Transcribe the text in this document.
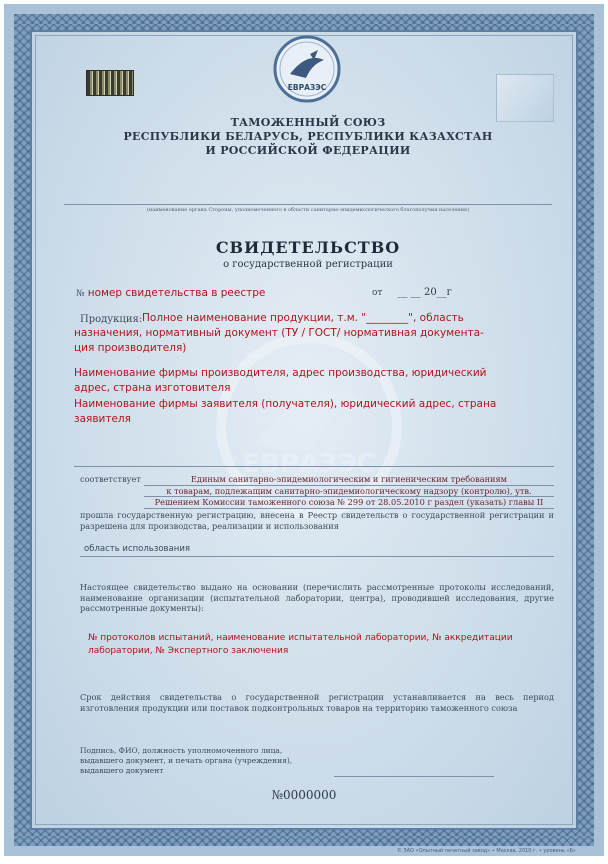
ЕВРАЗЭС
ЕВРАЗЭС
ТАМОЖЕННЫЙ СОЮЗ
РЕСПУБЛИКИ БЕЛАРУСЬ, РЕСПУБЛИКИ КАЗАХСТАН
И РОССИЙСКОЙ ФЕДЕРАЦИИ
(наименование органа Стороны, уполномоченного в области санитарно-эпидемиологического благополучия населения)
СВИДЕТЕЛЬСТВО
о государственной регистрации
№ номер свидетельства в реестре	от __ __ 20__г
Продукция: Полное наименование продукции, т.м. "________", область
назначения, нормативный документ (ТУ / ГОСТ/ нормативная документа-
ция производителя)
Наименование фирмы производителя, адрес производства, юридический
адрес, страна изготовителя
Наименование фирмы заявителя (получателя), юридический адрес, страна
заявителя
соответствует	Единым санитарно-эпидемиологическим и гигиеническим требованиям
к товарам, подлежащим санитарно-эпидемиологическому надзору (контролю), утв.
Решением Комиссии таможенного союза № 299 от 28.05.2010 г раздел (указать) главы II
прошла государственную регистрацию, внесена в Реестр свидетельств о государственной регистрации и разрешена для производства, реализации и использования
область использования
Настоящее свидетельство выдано на основании (перечислить рассмотренные протоколы исследований, наименование организации (испытательной лаборатории, центра), проводившей исследования, другие рассмотренные документы):
№ протоколов испытаний, наименование испытательной лаборатории, № аккредитации
лаборатории, № Экспертного заключения
Срок действия свидетельства о государственной регистрации устанавливается на весь период изготовления продукции или поставок подконтрольных товаров на территорию таможенного союза
Подпись, ФИО, должность уполномоченного лица, выдавшего документ, и печать органа (учреждения), выдавшего документ
№0000000
© ЗАО «Опытный печатный завод» • Москва, 2010 г. • уровень «Б»
